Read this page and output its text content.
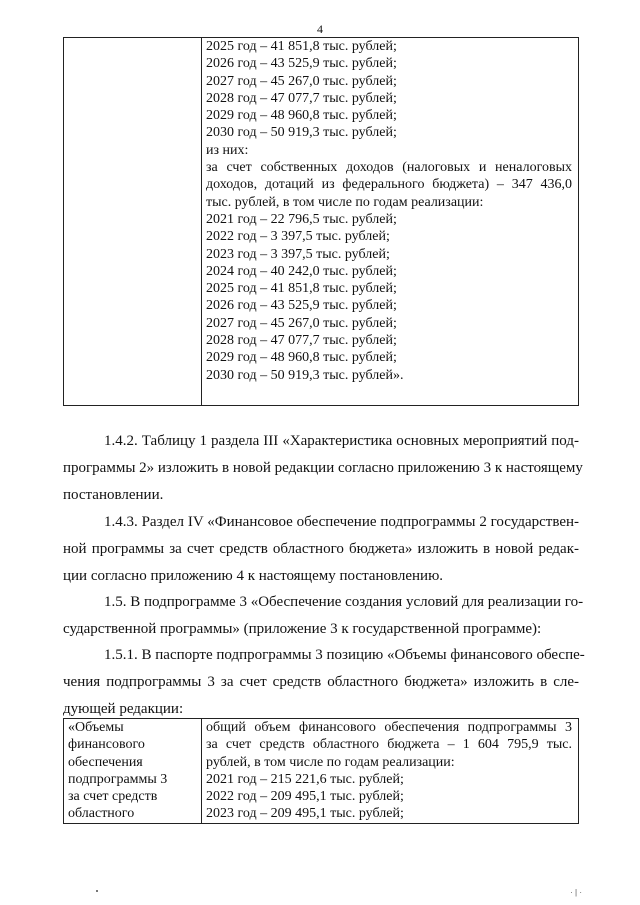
4

2025 год – 41 851,8 тыс. рублей;
2026 год – 43 525,9 тыс. рублей;
2027 год – 45 267,0 тыс. рублей;
2028 год – 47 077,7 тыс. рублей;
2029 год – 48 960,8 тыс. рублей;
2030 год – 50 919,3 тыс. рублей;
из них:
за счет собственных доходов (налоговых и неналоговых
доходов, дотаций из федерального бюджета) – 347 436,0
тыс. рублей, в том числе по годам реализации:
2021 год – 22 796,5 тыс. рублей;
2022 год – 3 397,5 тыс. рублей;
2023 год – 3 397,5 тыс. рублей;
2024 год – 40 242,0 тыс. рублей;
2025 год – 41 851,8 тыс. рублей;
2026 год – 43 525,9 тыс. рублей;
2027 год – 45 267,0 тыс. рублей;
2028 год – 47 077,7 тыс. рублей;
2029 год – 48 960,8 тыс. рублей;
2030 год – 50 919,3 тыс. рублей».
1.4.2. Таблицу 1 раздела III «Характеристика основных мероприятий под-
программы 2» изложить в новой редакции согласно приложению 3 к настоящему
постановлении.
1.4.3. Раздел IV «Финансовое обеспечение подпрограммы 2 государствен-
ной программы за счет средств областного бюджета» изложить в новой редак-
ции согласно приложению 4 к настоящему постановлению.
1.5. В подпрограмме 3 «Обеспечение создания условий для реализации го-
сударственной программы» (приложение 3 к государственной программе):
1.5.1. В паспорте подпрограммы 3 позицию «Объемы финансового обеспе-
чения подпрограммы 3 за счет средств областного бюджета» изложить в сле-
дующей редакции:
«Объемы
финансового
обеспечения
подпрограммы 3
за счет средств
областного

общий объем финансового обеспечения подпрограммы 3
за счет средств областного бюджета – 1 604 795,9 тыс.
рублей, в том числе по годам реализации:
2021 год – 215 221,6 тыс. рублей;
2022 год – 209 495,1 тыс. рублей;
2023 год – 209 495,1 тыс. рублей;
· | ·
